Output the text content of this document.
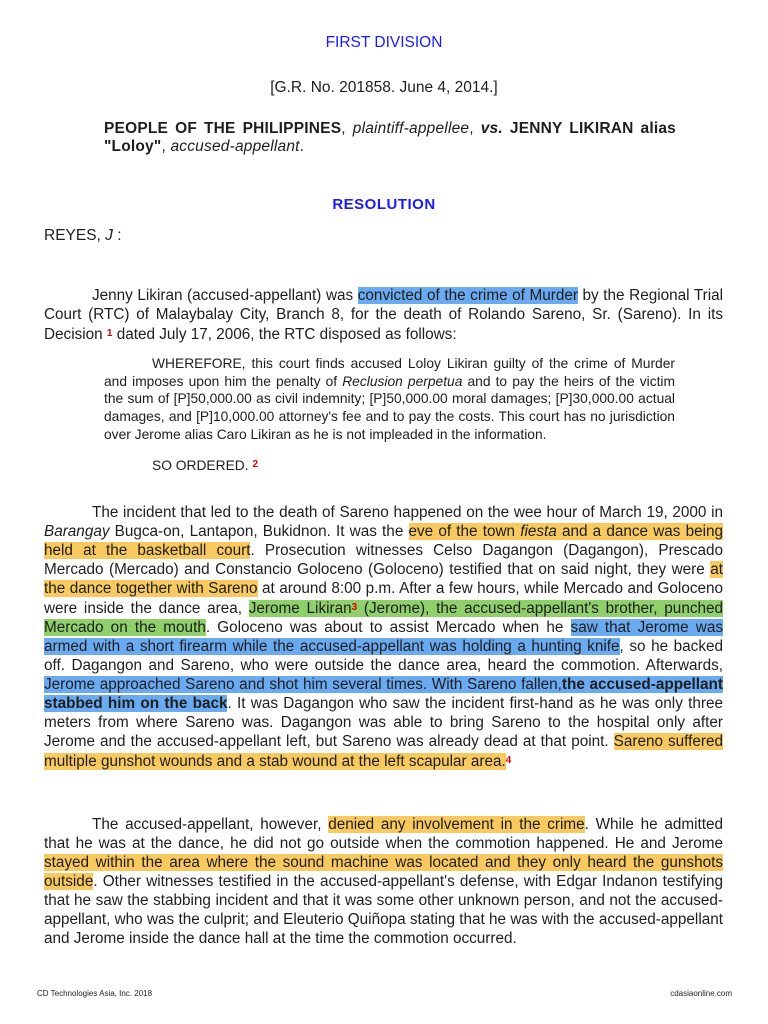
FIRST DIVISION
[G.R. No. 201858. June 4, 2014.]
PEOPLE OF THE PHILIPPINES, plaintiff-appellee, vs. JENNY LIKIRAN alias "Loloy", accused-appellant.
RESOLUTION
REYES, J :
Jenny Likiran (accused-appellant) was convicted of the crime of Murder by the Regional Trial Court (RTC) of Malaybalay City, Branch 8, for the death of Rolando Sareno, Sr. (Sareno). In its Decision 1 dated July 17, 2006, the RTC disposed as follows:
WHEREFORE, this court finds accused Loloy Likiran guilty of the crime of Murder and imposes upon him the penalty of Reclusion perpetua and to pay the heirs of the victim the sum of [P]50,000.00 as civil indemnity; [P]50,000.00 moral damages; [P]30,000.00 actual damages, and [P]10,000.00 attorney's fee and to pay the costs. This court has no jurisdiction over Jerome alias Caro Likiran as he is not impleaded in the information.
SO ORDERED. $^2$
The incident that led to the death of Sareno happened on the wee hour of March 19, 2000 in Barangay Bugca-on, Lantapon, Bukidnon. It was the eve of the town fiesta and a dance was being held at the basketball court. Prosecution witnesses Celso Dagangon (Dagangon), Prescado Mercado (Mercado) and Constancio Goloceno (Goloceno) testified that on said night, they were at the dance together with Sareno at around 8:00 p.m. After a few hours, while Mercado and Goloceno were inside the dance area, Jerome Likiran3 (Jerome), the accused-appellant's brother, punched Mercado on the mouth. Goloceno was about to assist Mercado when he saw that Jerome was armed with a short firearm while the accused-appellant was holding a hunting knife, so he backed off. Dagangon and Sareno, who were outside the dance area, heard the commotion. Afterwards, Jerome approached Sareno and shot him several times. With Sareno fallen,the accused-appellant stabbed him on the back. It was Dagangon who saw the incident first-hand as he was only three meters from where Sareno was. Dagangon was able to bring Sareno to the hospital only after Jerome and the accused-appellant left, but Sareno was already dead at that point. Sareno suffered multiple gunshot wounds and a stab wound at the left scapular area.4
The accused-appellant, however, denied any involvement in the crime. While he admitted that he was at the dance, he did not go outside when the commotion happened. He and Jerome stayed within the area where the sound machine was located and they only heard the gunshots outside. Other witnesses testified in the accused-appellant's defense, with Edgar Indanon testifying that he saw the stabbing incident and that it was some other unknown person, and not the accused-appellant, who was the culprit; and Eleuterio Quiñopa stating that he was with the accused-appellant and Jerome inside the dance hall at the time the commotion occurred.
CD Technologies Asia, Inc. 2018	cdasiaonline.com
